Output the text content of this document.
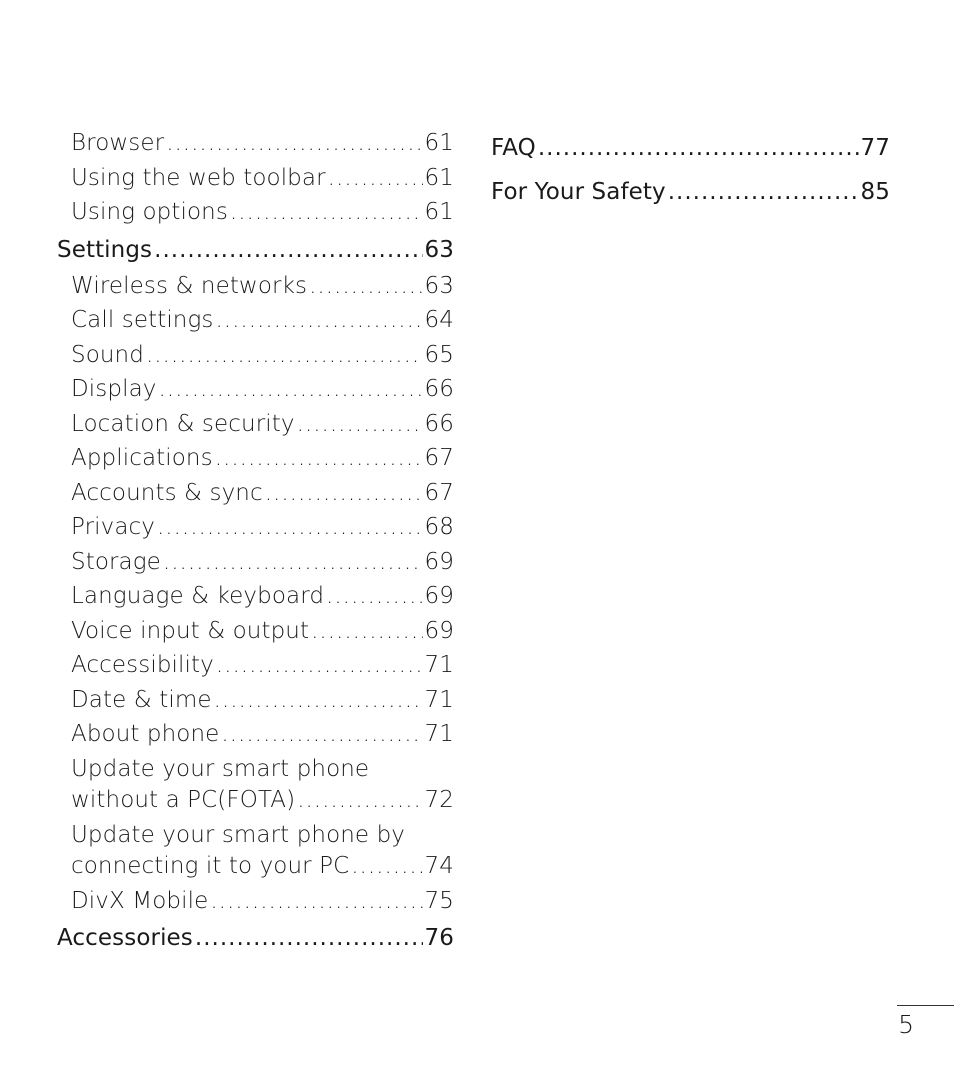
Browser .....	61
Using the web toolbar .....	61
Using options .....	61
Settings .....	63
Wireless & networks .....	63
Call settings .....	64
Sound .....	65
Display .....	66
Location & security .....	66
Applications .....	67
Accounts & sync .....	67
Privacy .....	68
Storage .....	69
Language & keyboard .....	69
Voice input & output .....	69
Accessibility .....	71
Date & time .....	71
About phone .....	71
Update your smart phone
without a PC(FOTA) .....	72
Update your smart phone by
connecting it to your PC .....	74
DivX Mobile .....	75
Accessories .....	76
FAQ .....	77
For Your Safety .....	85
5
